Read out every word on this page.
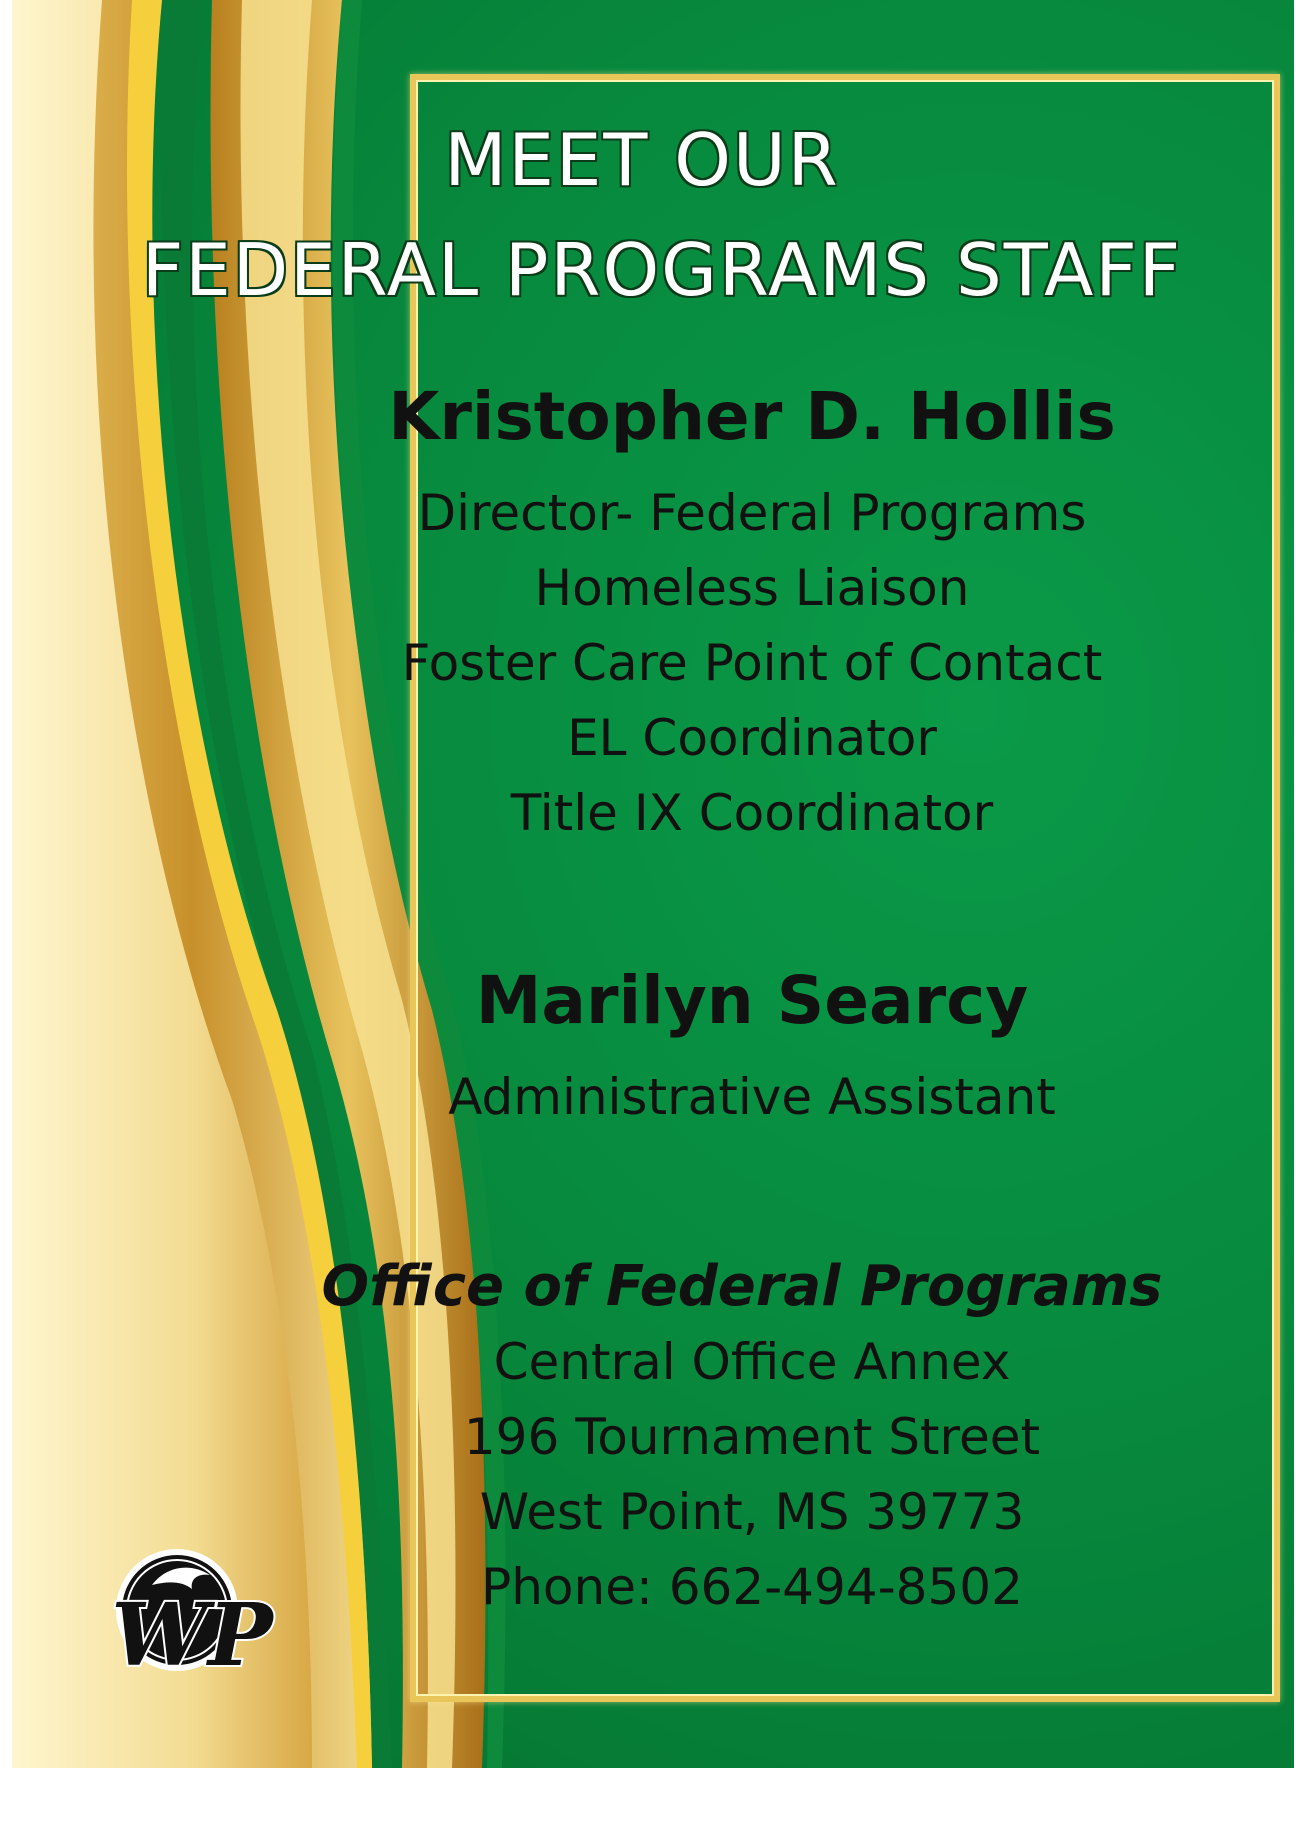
MEET OUR
FEDERAL PROGRAMS STAFF
Kristopher D. Hollis
Director- Federal Programs
Homeless Liaison
Foster Care Point of Contact
EL Coordinator
Title IX Coordinator
Marilyn Searcy
Administrative Assistant
Office of Federal Programs
Central Office Annex
196 Tournament Street
West Point, MS 39773
Phone: 662-494-8502
WP
